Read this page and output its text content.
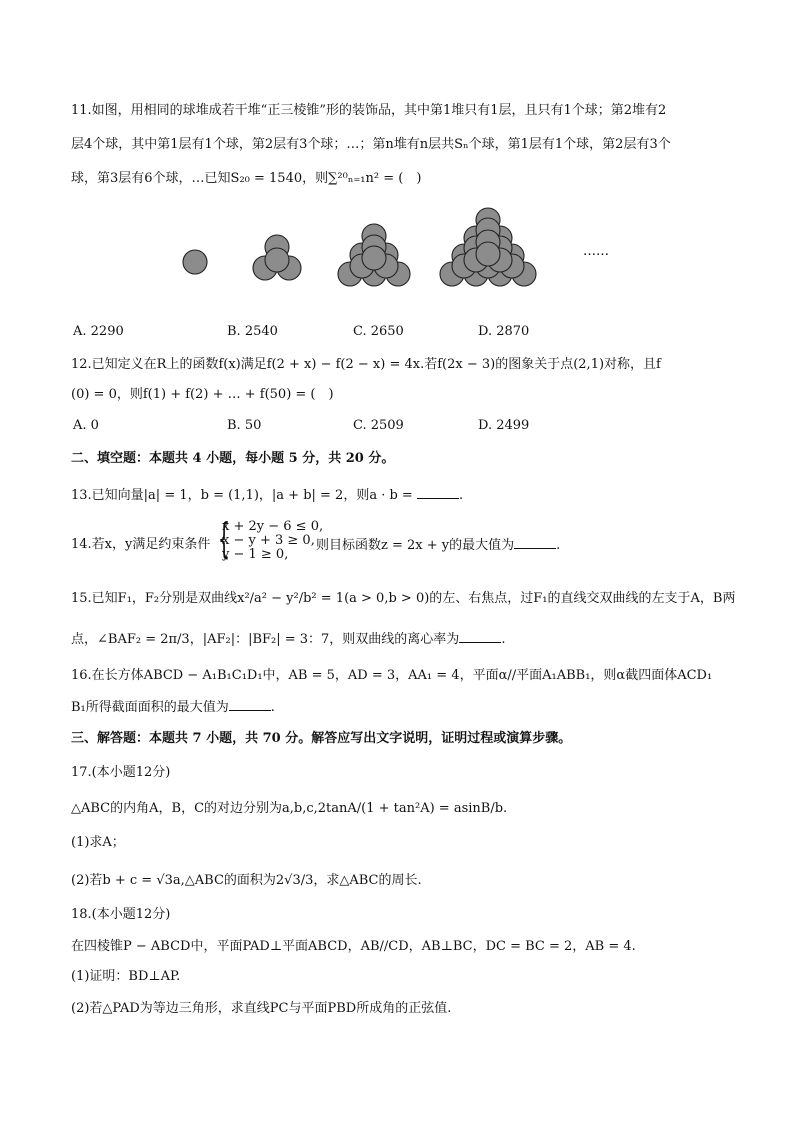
11.如图，用相同的球堆成若干堆“正三棱锥”形的装饰品，其中第1堆只有1层，且只有1个球；第2堆有2
层4个球，其中第1层有1个球，第2层有3个球；…；第n堆有n层共Sₙ个球，第1层有1个球，第2层有3个
球，第3层有6个球，…已知S₂₀ = 1540，则∑²⁰ₙ₌₁n² = (　)
……
A. 2290	B. 2540	C. 2650	D. 2870
12.已知定义在R上的函数f(x)满足f(2 + x) − f(2 − x) = 4x.若f(2x − 3)的图象关于点(2,1)对称，且f
(0) = 0，则f(1) + f(2) + … + f(50) = (　)
A. 0	B. 50	C. 2509	D. 2499
二、填空题：本题共 4 小题，每小题 5 分，共 20 分。
13.已知向量|a| = 1，b = (1,1)，|a + b| = 2，则a · b =	.
14.若x，y满足约束条件 {
x + 2y − 6 ≤ 0,
x − y + 3 ≥ 0,
y − 1 ≥ 0,
则目标函数z = 2x + y的最大值为	.
15.已知F₁，F₂分别是双曲线x²/a² − y²/b² = 1(a > 0,b > 0)的左、右焦点，过F₁的直线交双曲线的左支于A，B两
点，∠BAF₂ = 2π/3，|AF₂|：|BF₂| = 3：7，则双曲线的离心率为	.
16.在长方体ABCD − A₁B₁C₁D₁中，AB = 5，AD = 3，AA₁ = 4，平面α//平面A₁ABB₁，则α截四面体ACD₁
B₁所得截面面积的最大值为	.
三、解答题：本题共 7 小题，共 70 分。解答应写出文字说明，证明过程或演算步骤。
17.(本小题12分)
△ABC的内角A，B，C的对边分别为a,b,c,2tanA/(1 + tan²A) = asinB/b.
(1)求A；
(2)若b + c = √3a,△ABC的面积为2√3/3，求△ABC的周长.
18.(本小题12分)
在四棱锥P − ABCD中，平面PAD⊥平面ABCD，AB//CD，AB⊥BC，DC = BC = 2，AB = 4.
(1)证明：BD⊥AP.
(2)若△PAD为等边三角形，求直线PC与平面PBD所成角的正弦值.
